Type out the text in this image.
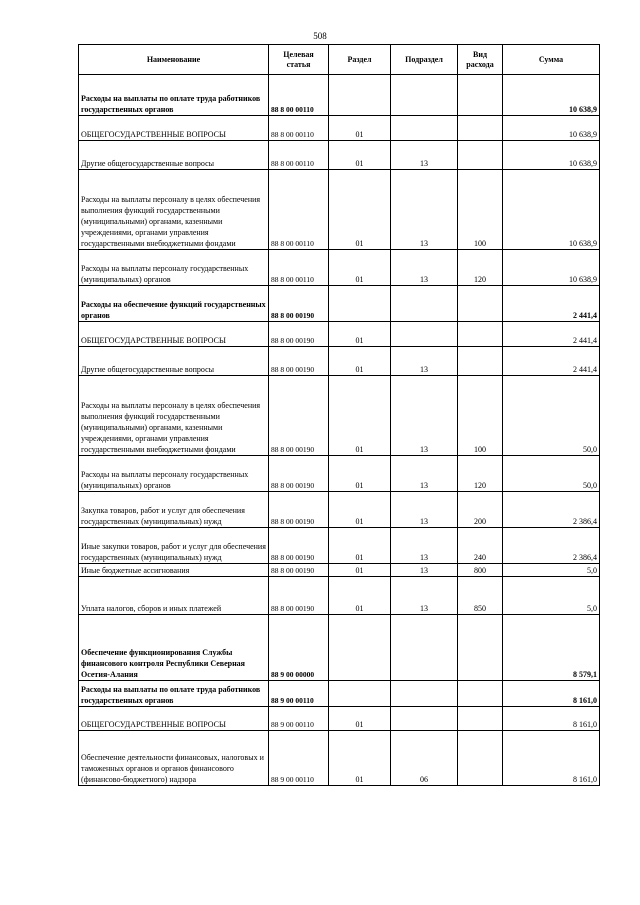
508
Наименование	Целевая статья	Раздел	Подраздел	Вид расхода	Сумма
Расходы на выплаты по оплате труда работников государственных органов	88 8 00 00110				10 638,9
ОБЩЕГОСУДАРСТВЕННЫЕ ВОПРОСЫ	88 8 00 00110	01			10 638,9
Другие общегосударственные вопросы	88 8 00 00110	01	13		10 638,9
Расходы на выплаты персоналу в целях обеспечения выполнения функций государственными (муниципальными) органами, казенными учреждениями, органами управления государственными внебюджетными фондами	88 8 00 00110	01	13	100	10 638,9
Расходы на выплаты персоналу государственных (муниципальных) органов	88 8 00 00110	01	13	120	10 638,9
Расходы на обеспечение функций государственных органов	88 8 00 00190				2 441,4
ОБЩЕГОСУДАРСТВЕННЫЕ ВОПРОСЫ	88 8 00 00190	01			2 441,4
Другие общегосударственные вопросы	88 8 00 00190	01	13		2 441,4
Расходы на выплаты персоналу в целях обеспечения выполнения функций государственными (муниципальными) органами, казенными учреждениями, органами управления государственными внебюджетными фондами	88 8 00 00190	01	13	100	50,0
Расходы на выплаты персоналу государственных (муниципальных) органов	88 8 00 00190	01	13	120	50,0
Закупка товаров, работ и услуг для обеспечения государственных (муниципальных) нужд	88 8 00 00190	01	13	200	2 386,4
Иные закупки товаров, работ и услуг для обеспечения государственных (муниципальных) нужд	88 8 00 00190	01	13	240	2 386,4
Иные бюджетные ассигнования	88 8 00 00190	01	13	800	5,0
Уплата налогов, сборов и иных платежей	88 8 00 00190	01	13	850	5,0
Обеспечение функционирования Службы финансового контроля Республики Северная Осетия-Алания	88 9 00 00000				8 579,1
Расходы на выплаты по оплате труда работников государственных органов	88 9 00 00110				8 161,0
ОБЩЕГОСУДАРСТВЕННЫЕ ВОПРОСЫ	88 9 00 00110	01			8 161,0
Обеспечение деятельности финансовых, налоговых и таможенных органов и органов финансового (финансово-бюджетного) надзора	88 9 00 00110	01	06		8 161,0
